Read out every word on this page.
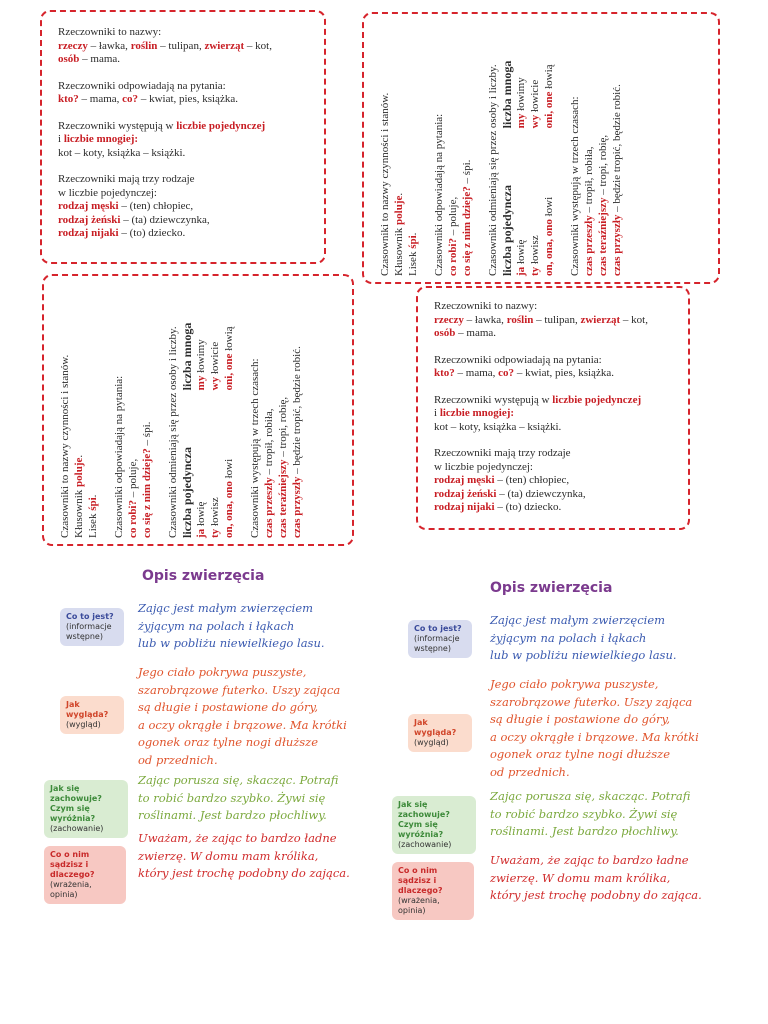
Rzeczowniki to nazwy:
rzeczy – ławka, roślin – tulipan, zwierząt – kot,
osób – mama.

Rzeczowniki odpowiadają na pytania:
kto? – mama, co? – kwiat, pies, książka.

Rzeczowniki występują w liczbie pojedynczej
i liczbie mnogiej:
kot – koty, książka – książki.

Rzeczowniki mają trzy rodzaje
w liczbie pojedynczej:
rodzaj męski – (ten) chłopiec,
rodzaj żeński – (ta) dziewczynka,
rodzaj nijaki – (to) dziecko.	Czasowniki to nazwy czynności i stanów. Kłusownik poluje.

Lisek śpi. Czasowniki odpowiadają na pytania: co robi? – poluje, co się z nim dzieje? – śpi. Czasowniki odmieniają się przez osoby i liczby. liczba pojedyncza
liczba mnoga
ja łowię
my łowimy
ty łowisz
wy łowicie
on, ona, ono łowi
oni, one łowią

Czasowniki występują w trzech czasach: czas przeszły – tropił, robiła,

czas teraźniejszy – tropi, robię,

czas przyszły – będzie tropić, będzie robić.

Czasowniki to nazwy czynności i stanów. Kłusownik poluje.

Lisek śpi. Czasowniki odpowiadają na pytania: co robi? – poluje, co się z nim dzieje? – śpi. Czasowniki odmieniają się przez osoby i liczby. liczba pojedyncza
liczba mnoga
ja łowię
my łowimy
ty łowisz
wy łowicie
on, ona, ono łowi
oni, one łowią

Czasowniki występują w trzech czasach: czas przeszły – tropił, robiła,

czas teraźniejszy – tropi, robię,

czas przyszły – będzie tropić, będzie robić.

Rzeczowniki to nazwy:
rzeczy – ławka, roślin – tulipan, zwierząt – kot,
osób – mama.

Rzeczowniki odpowiadają na pytania:
kto? – mama, co? – kwiat, pies, książka.

Rzeczowniki występują w liczbie pojedynczej
i liczbie mnogiej:
kot – koty, książka – książki.

Rzeczowniki mają trzy rodzaje
w liczbie pojedynczej:
rodzaj męski – (ten) chłopiec,
rodzaj żeński – (ta) dziewczynka,
rodzaj nijaki – (to) dziecko.

Opis zwierzęcia
Co to jest?
(informacje wstępne)
Jak wygląda?
(wygląd)
Jak się zachowuje? Czym się wyróżnia?
(zachowanie)
Co o nim sądzisz i dlaczego?
(wrażenia, opinia)
Zając jest małym zwierzęciem
żyjącym na polach i łąkach
lub w pobliżu niewielkiego lasu.
Jego ciało pokrywa puszyste,
szarobrązowe futerko. Uszy zająca
są długie i postawione do góry,
a oczy okrągłe i brązowe. Ma krótki
ogonek oraz tylne nogi dłuższe
od przednich.
Zając porusza się, skacząc. Potrafi
to robić bardzo szybko. Żywi się
roślinami. Jest bardzo płochliwy.
Uważam, że zając to bardzo ładne
zwierzę. W domu mam królika,
który jest trochę podobny do zająca.
Opis zwierzęcia
Co to jest?
(informacje wstępne)
Jak wygląda?
(wygląd)
Jak się zachowuje? Czym się wyróżnia?
(zachowanie)
Co o nim sądzisz i dlaczego?
(wrażenia, opinia)
Zając jest małym zwierzęciem
żyjącym na polach i łąkach
lub w pobliżu niewielkiego lasu.
Jego ciało pokrywa puszyste,
szarobrązowe futerko. Uszy zająca
są długie i postawione do góry,
a oczy okrągłe i brązowe. Ma krótki
ogonek oraz tylne nogi dłuższe
od przednich.
Zając porusza się, skacząc. Potrafi
to robić bardzo szybko. Żywi się
roślinami. Jest bardzo płochliwy.
Uważam, że zając to bardzo ładne
zwierzę. W domu mam królika,
który jest trochę podobny do zająca.
